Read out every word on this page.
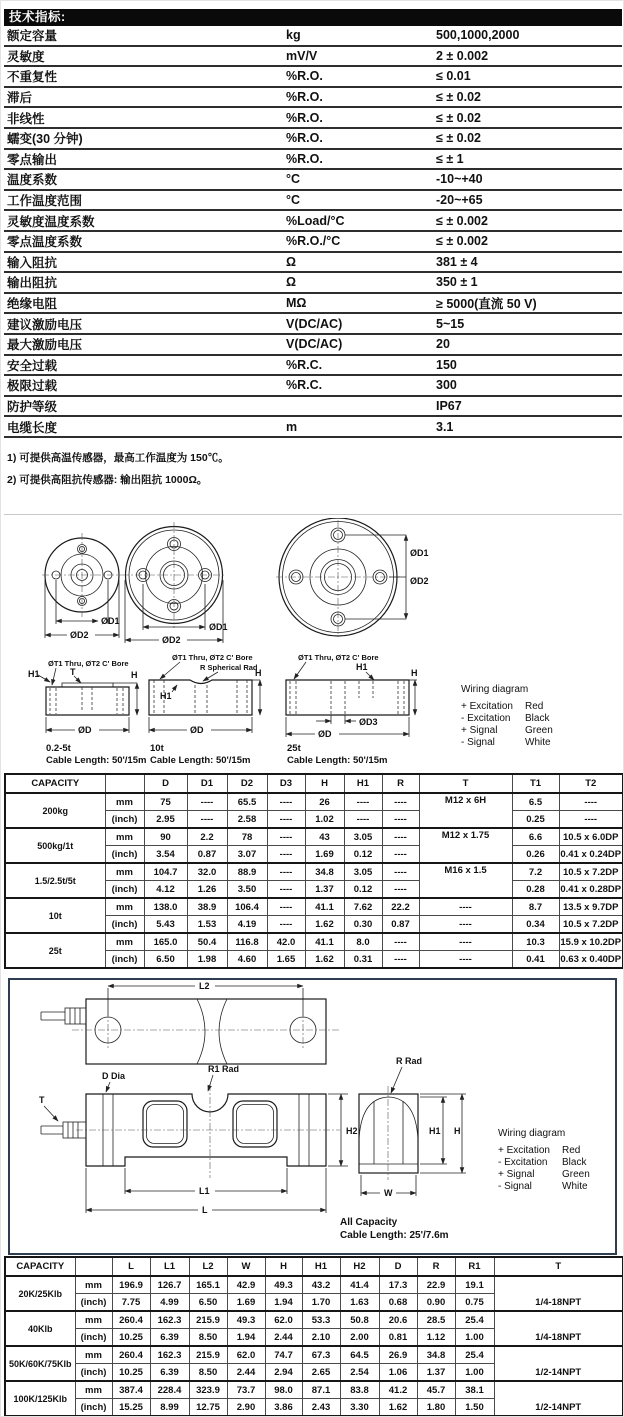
技术指标:
额定容量	kg	500,1000,2000
灵敏度	mV/V	2 ± 0.002
不重复性	%R.O.	≤ 0.01
滞后	%R.O.	≤ ± 0.02
非线性	%R.O.	≤ ± 0.02
蠕变(30 分钟)	%R.O.	≤ ± 0.02
零点输出	%R.O.	≤ ± 1
温度系数	°C	-10~+40
工作温度范围	°C	-20~+65
灵敏度温度系数	%Load/°C	≤ ± 0.002
零点温度系数	%R.O./°C	≤ ± 0.002
输入阻抗	Ω	381 ± 4
输出阻抗	Ω	350 ± 1
绝缘电阻	MΩ	≥ 5000(直流 50 V)
建议激励电压	V(DC/AC)	5~15
最大激励电压	V(DC/AC)	20
安全过载	%R.C.	150
极限过载	%R.C.	300
防护等级		IP67
电缆长度	m	3.1
1) 可提供高温传感器，最高工作温度为 150℃。
2) 可提供高阻抗传感器: 输出阻抗 1000Ω。
ØD1
ØD2
ØD1
ØD2
ØD1
ØD2
ØT1 Thru, ØT2 C' Bore
H1	T	H
ØD
ØT1 Thru, ØT2 C' Bore
R Spherical Rad
H1
H
ØD
ØT1 Thru, ØT2 C' Bore
H1
H
ØD3
ØD
0.2-5t
Cable Length: 50'/15m
10t
Cable Length: 50'/15m
25t
Cable Length: 50'/15m
Wiring diagram
+ Excitation	Red
- Excitation	Black
+ Signal	Green
- Signal	White
CAPACITY		D	D1	D2	D3	H	H1	R	T	T1	T2
200kg	mm	75	----	65.5	----	26	----	----	M12 x 6H	6.5	----
	(inch)	2.95	----	2.58	----	1.02	----	----		0.25	----
500kg/1t	mm	90	2.2	78	----	43	3.05	----	M12 x 1.75	6.6	10.5 x 6.0DP
	(inch)	3.54	0.87	3.07	----	1.69	0.12	----		0.26	0.41 x 0.24DP
1.5/2.5t/5t	mm	104.7	32.0	88.9	----	34.8	3.05	----	M16 x 1.5	7.2	10.5 x 7.2DP
	(inch)	4.12	1.26	3.50	----	1.37	0.12	----		0.28	0.41 x 0.28DP
10t	mm	138.0	38.9	106.4	----	41.1	7.62	22.2	----	8.7	13.5 x 9.7DP
	(inch)	5.43	1.53	4.19	----	1.62	0.30	0.87	----	0.34	10.5 x 7.2DP
25t	mm	165.0	50.4	116.8	42.0	41.1	8.0	----	----	10.3	15.9 x 10.2DP
	(inch)	6.50	1.98	4.60	1.65	1.62	0.31	----	----	0.41	0.63 x 0.40DP
L2
R1 Rad
D Dia
T
H2
L1
L
R Rad
H1 H
W
All Capacity
Cable Length: 25'/7.6m
Wiring diagram
+ Excitation	Red
- Excitation	Black
+ Signal	Green
- Signal	White
CAPACITY		L	L1	L2	W	H	H1	H2	D	R	R1	T
20K/25Klb	mm	196.9	126.7	165.1	42.9	49.3	43.2	41.4	17.3	22.9	19.1	1/4-18NPT
	(inch)	7.75	4.99	6.50	1.69	1.94	1.70	1.63	0.68	0.90	0.75	
40Klb	mm	260.4	162.3	215.9	49.3	62.0	53.3	50.8	20.6	28.5	25.4	1/4-18NPT
	(inch)	10.25	6.39	8.50	1.94	2.44	2.10	2.00	0.81	1.12	1.00	
50K/60K/75Klb	mm	260.4	162.3	215.9	62.0	74.7	67.3	64.5	26.9	34.8	25.4	1/2-14NPT
	(inch)	10.25	6.39	8.50	2.44	2.94	2.65	2.54	1.06	1.37	1.00	
100K/125Klb	mm	387.4	228.4	323.9	73.7	98.0	87.1	83.8	41.2	45.7	38.1	1/2-14NPT
	(inch)	15.25	8.99	12.75	2.90	3.86	2.43	3.30	1.62	1.80	1.50	
